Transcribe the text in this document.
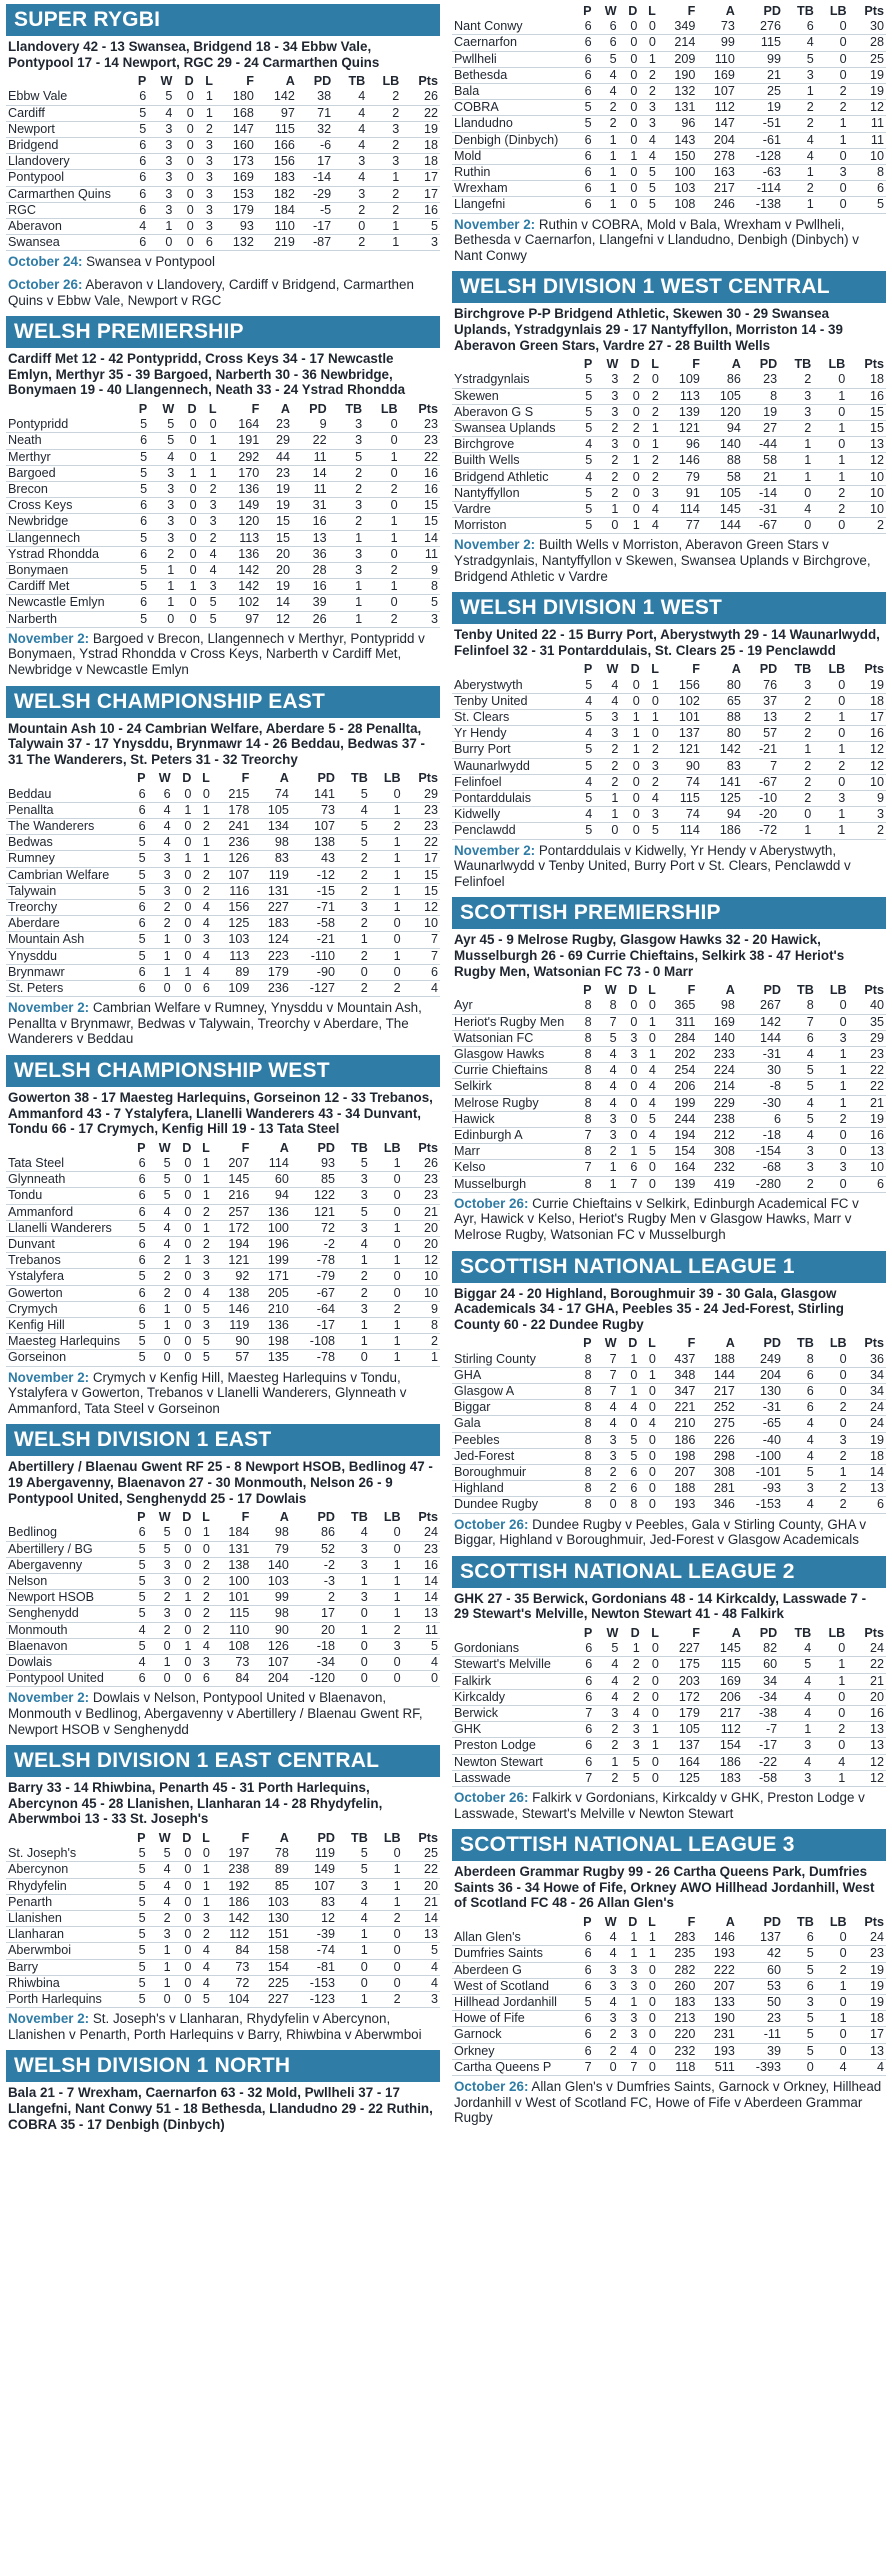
SUPER RYGBI
Llandovery 42 - 13 Swansea, Bridgend 18 - 34 Ebbw Vale, Pontypool 17 - 14 Newport, RGC 29 - 24 Carmarthen Quins
	P	W	D	L	F	A	PD	TB	LB	Pts
Ebbw Vale	6	5	0	1	180	142	38	4	2	26
Cardiff	5	4	0	1	168	97	71	4	2	22
Newport	5	3	0	2	147	115	32	4	3	19
Bridgend	6	3	0	3	160	166	-6	4	2	18
Llandovery	6	3	0	3	173	156	17	3	3	18
Pontypool	6	3	0	3	169	183	-14	4	1	17
Carmarthen Quins	6	3	0	3	153	182	-29	3	2	17
RGC	6	3	0	3	179	184	-5	2	2	16
Aberavon	4	1	0	3	93	110	-17	0	1	5
Swansea	6	0	0	6	132	219	-87	2	1	3
October 24: Swansea v Pontypool
October 26: Aberavon v Llandovery, Cardiff v Bridgend, Carmarthen Quins v Ebbw Vale, Newport v RGC
WELSH PREMIERSHIP
Cardiff Met 12 - 42 Pontypridd, Cross Keys 34 - 17 Newcastle Emlyn, Merthyr 35 - 39 Bargoed, Narberth 30 - 36 Newbridge, Bonymaen 19 - 40 Llangennech, Neath 33 - 24 Ystrad Rhondda
	P	W	D	L	F	A	PD	TB	LB	Pts
Pontypridd	5	5	0	0	164	23	9	3	0	23
Neath	6	5	0	1	191	29	22	3	0	23
Merthyr	5	4	0	1	292	44	11	5	1	22
Bargoed	5	3	1	1	170	23	14	2	0	16
Brecon	5	3	0	2	136	19	11	2	2	16
Cross Keys	6	3	0	3	149	19	31	3	0	15
Newbridge	6	3	0	3	120	15	16	2	1	15
Llangennech	5	3	0	2	113	15	13	1	1	14
Ystrad Rhondda	6	2	0	4	136	20	36	3	0	11
Bonymaen	5	1	0	4	142	20	28	3	2	9
Cardiff Met	5	1	1	3	142	19	16	1	1	8
Newcastle Emlyn	6	1	0	5	102	14	39	1	0	5
Narberth	5	0	0	5	97	12	26	1	2	3
November 2: Bargoed v Brecon, Llangennech v Merthyr, Pontypridd v Bonymaen, Ystrad Rhondda v Cross Keys, Narberth v Cardiff Met, Newbridge v Newcastle Emlyn
WELSH CHAMPIONSHIP EAST
Mountain Ash 10 - 24 Cambrian Welfare, Aberdare 5 - 28 Penallta, Talywain 37 - 17 Ynysddu, Brynmawr 14 - 26 Beddau, Bedwas 37 - 31 The Wanderers, St. Peters 31 - 32 Treorchy
	P	W	D	L	F	A	PD	TB	LB	Pts
Beddau	6	6	0	0	215	74	141	5	0	29
Penallta	6	4	1	1	178	105	73	4	1	23
The Wanderers	6	4	0	2	241	134	107	5	2	23
Bedwas	5	4	0	1	236	98	138	5	1	22
Rumney	5	3	1	1	126	83	43	2	1	17
Cambrian Welfare	5	3	0	2	107	119	-12	2	1	15
Talywain	5	3	0	2	116	131	-15	2	1	15
Treorchy	6	2	0	4	156	227	-71	3	1	12
Aberdare	6	2	0	4	125	183	-58	2	0	10
Mountain Ash	5	1	0	3	103	124	-21	1	0	7
Ynysddu	5	1	0	4	113	223	-110	2	1	7
Brynmawr	6	1	1	4	89	179	-90	0	0	6
St. Peters	6	0	0	6	109	236	-127	2	2	4
November 2: Cambrian Welfare v Rumney, Ynysddu v Mountain Ash, Penallta v Brynmawr, Bedwas v Talywain, Treorchy v Aberdare, The Wanderers v Beddau
WELSH CHAMPIONSHIP WEST
Gowerton 38 - 17 Maesteg Harlequins, Gorseinon 12 - 33 Trebanos, Ammanford 43 - 7 Ystalyfera, Llanelli Wanderers 43 - 34 Dunvant, Tondu 66 - 17 Crymych, Kenfig Hill 19 - 13 Tata Steel
	P	W	D	L	F	A	PD	TB	LB	Pts
Tata Steel	6	5	0	1	207	114	93	5	1	26
Glynneath	6	5	0	1	145	60	85	3	0	23
Tondu	6	5	0	1	216	94	122	3	0	23
Ammanford	6	4	0	2	257	136	121	5	0	21
Llanelli Wanderers	5	4	0	1	172	100	72	3	1	20
Dunvant	6	4	0	2	194	196	-2	4	0	20
Trebanos	6	2	1	3	121	199	-78	1	1	12
Ystalyfera	5	2	0	3	92	171	-79	2	0	10
Gowerton	6	2	0	4	138	205	-67	2	0	10
Crymych	6	1	0	5	146	210	-64	3	2	9
Kenfig Hill	5	1	0	3	119	136	-17	1	1	8
Maesteg Harlequins	5	0	0	5	90	198	-108	1	1	2
Gorseinon	5	0	0	5	57	135	-78	0	1	1
November 2: Crymych v Kenfig Hill, Maesteg Harlequins v Tondu, Ystalyfera v Gowerton, Trebanos v Llanelli Wanderers, Glynneath v Ammanford, Tata Steel v Gorseinon
WELSH DIVISION 1 EAST
Abertillery / Blaenau Gwent RF 25 - 8 Newport HSOB, Bedlinog 47 - 19 Abergavenny, Blaenavon 27 - 30 Monmouth, Nelson 26 - 9 Pontypool United, Senghenydd 25 - 17 Dowlais
	P	W	D	L	F	A	PD	TB	LB	Pts
Bedlinog	6	5	0	1	184	98	86	4	0	24
Abertillery / BG	5	5	0	0	131	79	52	3	0	23
Abergavenny	5	3	0	2	138	140	-2	3	1	16
Nelson	5	3	0	2	100	103	-3	1	1	14
Newport HSOB	5	2	1	2	101	99	2	3	1	14
Senghenydd	5	3	0	2	115	98	17	0	1	13
Monmouth	4	2	0	2	110	90	20	1	2	11
Blaenavon	5	0	1	4	108	126	-18	0	3	5
Dowlais	4	1	0	3	73	107	-34	0	0	4
Pontypool United	6	0	0	6	84	204	-120	0	0	0
November 2: Dowlais v Nelson, Pontypool United v Blaenavon, Monmouth v Bedlinog, Abergavenny v Abertillery / Blaenau Gwent RF, Newport HSOB v Senghenydd
WELSH DIVISION 1 EAST CENTRAL
Barry 33 - 14 Rhiwbina, Penarth 45 - 31 Porth Harlequins, Abercynon 45 - 28 Llanishen, Llanharan 14 - 28 Rhydyfelin, Aberwmboi 13 - 33 St. Joseph's
	P	W	D	L	F	A	PD	TB	LB	Pts
St. Joseph's	5	5	0	0	197	78	119	5	0	25
Abercynon	5	4	0	1	238	89	149	5	1	22
Rhydyfelin	5	4	0	1	192	85	107	3	1	20
Penarth	5	4	0	1	186	103	83	4	1	21
Llanishen	5	2	0	3	142	130	12	4	2	14
Llanharan	5	3	0	2	112	151	-39	1	0	13
Aberwmboi	5	1	0	4	84	158	-74	1	0	5
Barry	5	1	0	4	73	154	-81	0	0	4
Rhiwbina	5	1	0	4	72	225	-153	0	0	4
Porth Harlequins	5	0	0	5	104	227	-123	1	2	3
November 2: St. Joseph's v Llanharan, Rhydyfelin v Abercynon, Llanishen v Penarth, Porth Harlequins v Barry, Rhiwbina v Aberwmboi
WELSH DIVISION 1 NORTH
Bala 21 - 7 Wrexham, Caernarfon 63 - 32 Mold, Pwllheli 37 - 17 Llangefni, Nant Conwy 51 - 18 Bethesda, Llandudno 29 - 22 Ruthin, COBRA 35 - 17 Denbigh (Dinbych)
	P	W	D	L	F	A	PD	TB	LB	Pts
Nant Conwy	6	6	0	0	349	73	276	6	0	30
Caernarfon	6	6	0	0	214	99	115	4	0	28
Pwllheli	6	5	0	1	209	110	99	5	0	25
Bethesda	6	4	0	2	190	169	21	3	0	19
Bala	6	4	0	2	132	107	25	1	2	19
COBRA	5	2	0	3	131	112	19	2	2	12
Llandudno	5	2	0	3	96	147	-51	2	1	11
Denbigh (Dinbych)	6	1	0	4	143	204	-61	4	1	11
Mold	6	1	1	4	150	278	-128	4	0	10
Ruthin	6	1	0	5	100	163	-63	1	3	8
Wrexham	6	1	0	5	103	217	-114	2	0	6
Llangefni	6	1	0	5	108	246	-138	1	0	5
November 2: Ruthin v COBRA, Mold v Bala, Wrexham v Pwllheli, Bethesda v Caernarfon, Llangefni v Llandudno, Denbigh (Dinbych) v Nant Conwy
WELSH DIVISION 1 WEST CENTRAL
Birchgrove P-P Bridgend Athletic, Skewen 30 - 29 Swansea Uplands, Ystradgynlais 29 - 17 Nantyffyllon, Morriston 14 - 39 Aberavon Green Stars, Vardre 27 - 28 Builth Wells
	P	W	D	L	F	A	PD	TB	LB	Pts
Ystradgynlais	5	3	2	0	109	86	23	2	0	18
Skewen	5	3	0	2	113	105	8	3	1	16
Aberavon G S	5	3	0	2	139	120	19	3	0	15
Swansea Uplands	5	2	2	1	121	94	27	2	1	15
Birchgrove	4	3	0	1	96	140	-44	1	0	13
Builth Wells	5	2	1	2	146	88	58	1	1	12
Bridgend Athletic	4	2	0	2	79	58	21	1	1	10
Nantyffyllon	5	2	0	3	91	105	-14	0	2	10
Vardre	5	1	0	4	114	145	-31	4	2	10
Morriston	5	0	1	4	77	144	-67	0	0	2
November 2: Builth Wells v Morriston, Aberavon Green Stars v Ystradgynlais, Nantyffyllon v Skewen, Swansea Uplands v Birchgrove, Bridgend Athletic v Vardre
WELSH DIVISION 1 WEST
Tenby United 22 - 15 Burry Port, Aberystwyth 29 - 14 Waunarlwydd, Felinfoel 32 - 31 Pontarddulais, St. Clears 25 - 19 Penclawdd
	P	W	D	L	F	A	PD	TB	LB	Pts
Aberystwyth	5	4	0	1	156	80	76	3	0	19
Tenby United	4	4	0	0	102	65	37	2	0	18
St. Clears	5	3	1	1	101	88	13	2	1	17
Yr Hendy	4	3	1	0	137	80	57	2	0	16
Burry Port	5	2	1	2	121	142	-21	1	1	12
Waunarlwydd	5	2	0	3	90	83	7	2	2	12
Felinfoel	4	2	0	2	74	141	-67	2	0	10
Pontarddulais	5	1	0	4	115	125	-10	2	3	9
Kidwelly	4	1	0	3	74	94	-20	0	1	3
Penclawdd	5	0	0	5	114	186	-72	1	1	2
November 2: Pontarddulais v Kidwelly, Yr Hendy v Aberystwyth, Waunarlwydd v Tenby United, Burry Port v St. Clears, Penclawdd v Felinfoel
SCOTTISH PREMIERSHIP
Ayr 45 - 9 Melrose Rugby, Glasgow Hawks 32 - 20 Hawick, Musselburgh 26 - 69 Currie Chieftains, Selkirk 38 - 47 Heriot's Rugby Men, Watsonian FC 73 - 0 Marr
	P	W	D	L	F	A	PD	TB	LB	Pts
Ayr	8	8	0	0	365	98	267	8	0	40
Heriot's Rugby Men	8	7	0	1	311	169	142	7	0	35
Watsonian FC	8	5	3	0	284	140	144	6	3	29
Glasgow Hawks	8	4	3	1	202	233	-31	4	1	23
Currie Chieftains	8	4	0	4	254	224	30	5	1	22
Selkirk	8	4	0	4	206	214	-8	5	1	22
Melrose Rugby	8	4	0	4	199	229	-30	4	1	21
Hawick	8	3	0	5	244	238	6	5	2	19
Edinburgh A	7	3	0	4	194	212	-18	4	0	16
Marr	8	2	1	5	154	308	-154	3	0	13
Kelso	7	1	6	0	164	232	-68	3	3	10
Musselburgh	8	1	7	0	139	419	-280	2	0	6
October 26: Currie Chieftains v Selkirk, Edinburgh Academical FC v Ayr, Hawick v Kelso, Heriot's Rugby Men v Glasgow Hawks, Marr v Melrose Rugby, Watsonian FC v Musselburgh
SCOTTISH NATIONAL LEAGUE 1
Biggar 24 - 20 Highland, Boroughmuir 39 - 30 Gala, Glasgow Academicals 34 - 17 GHA, Peebles 35 - 24 Jed-Forest, Stirling County 60 - 22 Dundee Rugby
	P	W	D	L	F	A	PD	TB	LB	Pts
Stirling County	8	7	1	0	437	188	249	8	0	36
GHA	8	7	0	1	348	144	204	6	0	34
Glasgow A	8	7	1	0	347	217	130	6	0	34
Biggar	8	4	4	0	221	252	-31	6	2	24
Gala	8	4	0	4	210	275	-65	4	0	24
Peebles	8	3	5	0	186	226	-40	4	3	19
Jed-Forest	8	3	5	0	198	298	-100	4	2	18
Boroughmuir	8	2	6	0	207	308	-101	5	1	14
Highland	8	2	6	0	188	281	-93	3	2	13
Dundee Rugby	8	0	8	0	193	346	-153	4	2	6
October 26: Dundee Rugby v Peebles, Gala v Stirling County, GHA v Biggar, Highland v Boroughmuir, Jed-Forest v Glasgow Academicals
SCOTTISH NATIONAL LEAGUE 2
GHK 27 - 35 Berwick, Gordonians 48 - 14 Kirkcaldy, Lasswade 7 - 29 Stewart's Melville, Newton Stewart 41 - 48 Falkirk
	P	W	D	L	F	A	PD	TB	LB	Pts
Gordonians	6	5	1	0	227	145	82	4	0	24
Stewart's Melville	6	4	2	0	175	115	60	5	1	22
Falkirk	6	4	2	0	203	169	34	4	1	21
Kirkcaldy	6	4	2	0	172	206	-34	4	0	20
Berwick	7	3	4	0	179	217	-38	4	0	16
GHK	6	2	3	1	105	112	-7	1	2	13
Preston Lodge	6	2	3	1	137	154	-17	3	0	13
Newton Stewart	6	1	5	0	164	186	-22	4	4	12
Lasswade	7	2	5	0	125	183	-58	3	1	12
October 26: Falkirk v Gordonians, Kirkcaldy v GHK, Preston Lodge v Lasswade, Stewart's Melville v Newton Stewart
SCOTTISH NATIONAL LEAGUE 3
Aberdeen Grammar Rugby 99 - 26 Cartha Queens Park, Dumfries Saints 36 - 34 Howe of Fife, Orkney AWO Hillhead Jordanhill, West of Scotland FC 48 - 26 Allan Glen's
	P	W	D	L	F	A	PD	TB	LB	Pts
Allan Glen's	6	4	1	1	283	146	137	6	0	24
Dumfries Saints	6	4	1	1	235	193	42	5	0	23
Aberdeen G	6	3	3	0	282	222	60	5	2	19
West of Scotland	6	3	3	0	260	207	53	6	1	19
Hillhead Jordanhill	5	4	1	0	183	133	50	3	0	19
Howe of Fife	6	3	3	0	213	190	23	5	1	18
Garnock	6	2	3	0	220	231	-11	5	0	17
Orkney	6	2	4	0	232	193	39	5	0	13
Cartha Queens P	7	0	7	0	118	511	-393	0	4	4
October 26: Allan Glen's v Dumfries Saints, Garnock v Orkney, Hillhead Jordanhill v West of Scotland FC, Howe of Fife v Aberdeen Grammar Rugby
